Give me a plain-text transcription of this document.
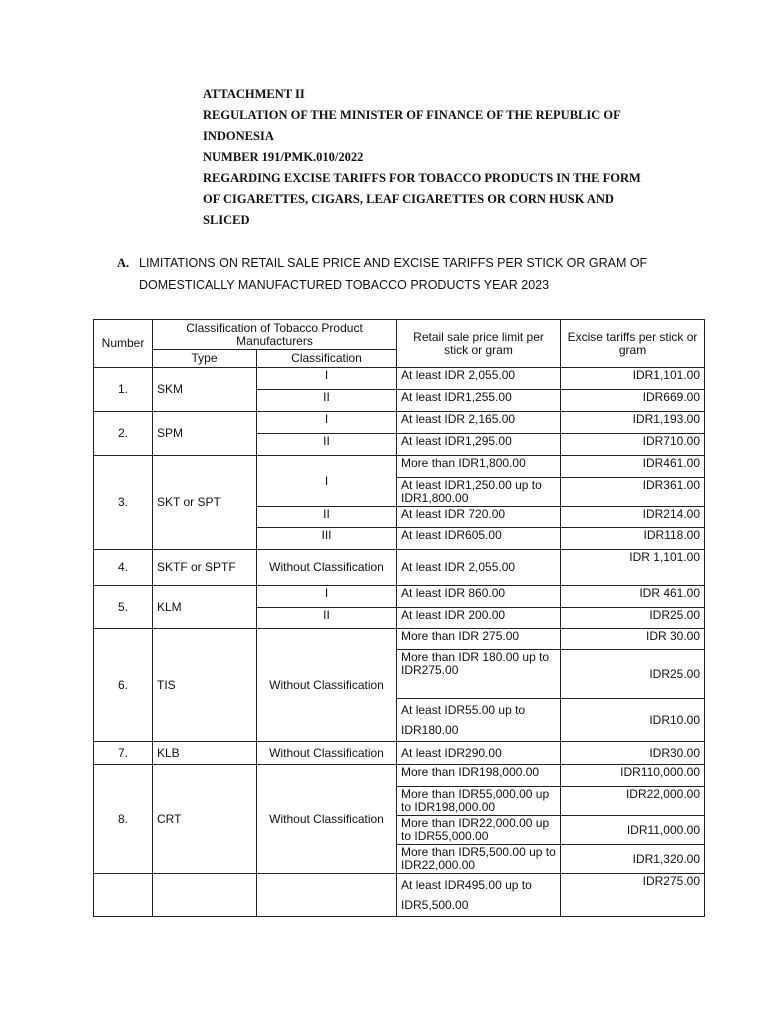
ATTACHMENT II
REGULATION OF THE MINISTER OF FINANCE OF THE REPUBLIC OF
INDONESIA
NUMBER 191/PMK.010/2022
REGARDING EXCISE TARIFFS FOR TOBACCO PRODUCTS IN THE FORM
OF CIGARETTES, CIGARS, LEAF CIGARETTES OR CORN HUSK AND
SLICED
A. LIMITATIONS ON RETAIL SALE PRICE AND EXCISE TARIFFS PER STICK OR GRAM OF
DOMESTICALLY MANUFACTURED TOBACCO PRODUCTS YEAR 2023
Number	Classification of Tobacco Product Manufacturers		Retail sale price limit per stick or gram	Excise tariffs per stick or gram
	Type	Classification		
1.	SKM	I	At least IDR 2,055.00	IDR1,101.00
		II	At least IDR1,255.00	IDR669.00
2.	SPM	I	At least IDR 2,165.00	IDR1,193.00
		II	At least IDR1,295.00	IDR710.00
3.	SKT or SPT	I	More than IDR1,800.00	IDR461.00
			At least IDR1,250.00 up to IDR1,800.00	IDR361.00
		II	At least IDR 720.00	IDR214.00
		III	At least IDR605.00	IDR118.00
4.	SKTF or SPTF	Without Classification	At least IDR 2,055.00	IDR 1,101.00
5.	KLM	I	At least IDR 860.00	IDR 461.00
		II	At least IDR 200.00	IDR25.00
6.	TIS	Without Classification	More than IDR 275.00	IDR 30.00
			More than IDR 180.00 up to IDR275.00	IDR25.00
			At least IDR55.00 up to IDR180.00	IDR10.00
7.	KLB	Without Classification	At least IDR290.00	IDR30.00
8.	CRT	Without Classification	More than IDR198,000.00	IDR110,000.00
			More than IDR55,000.00 up to IDR198,000.00	IDR22,000.00
			More than IDR22,000.00 up to IDR55,000.00	IDR11,000.00
			More than IDR5,500.00 up to IDR22,000.00	IDR1,320.00
			At least IDR495.00 up to IDR5,500.00	IDR275.00
